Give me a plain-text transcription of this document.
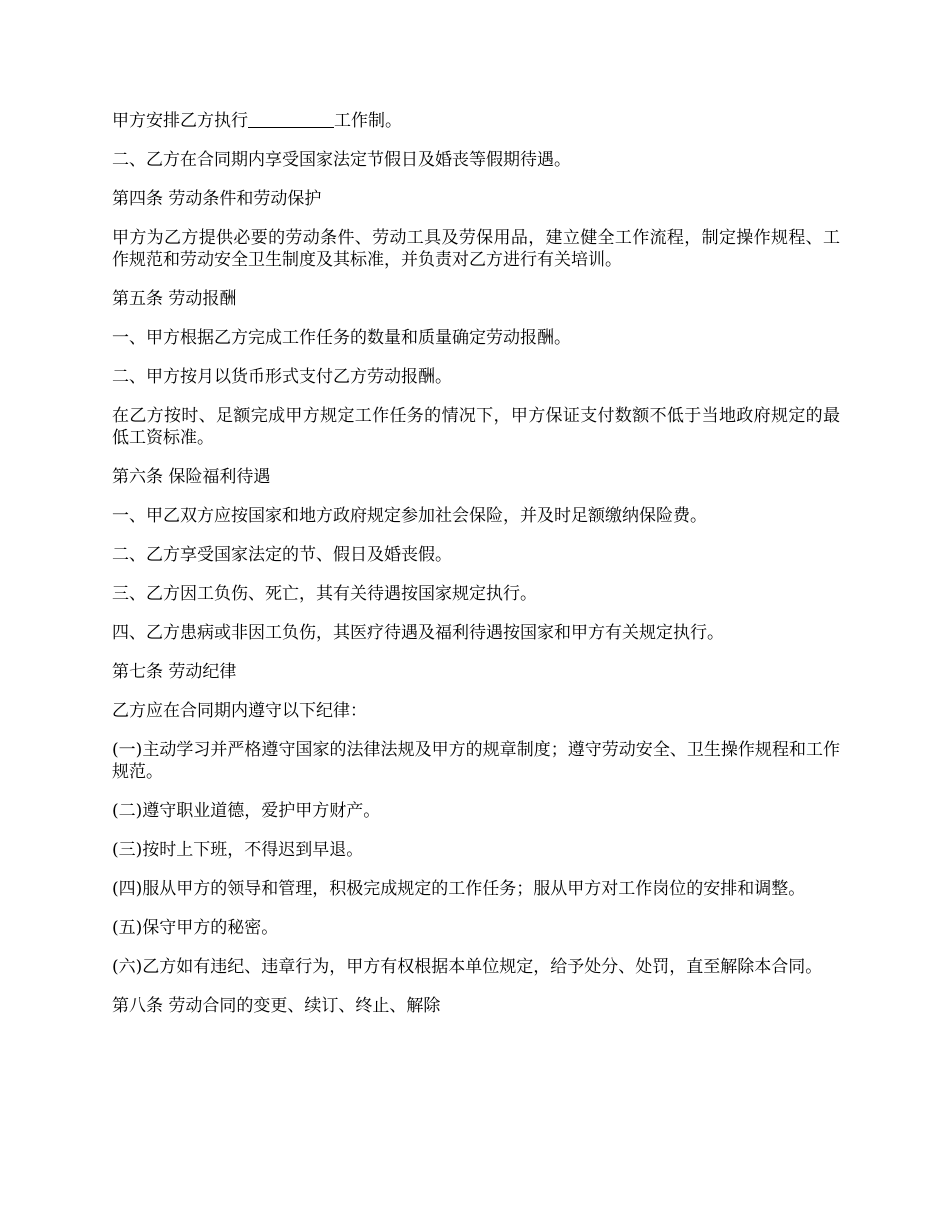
甲方安排乙方执行	工作制。

二、乙方在合同期内享受国家法定节假日及婚丧等假期待遇。

第四条 劳动条件和劳动保护

甲方为乙方提供必要的劳动条件、劳动工具及劳保用品，建立健全工作流程，制定操作规程、工作规范和劳动安全卫生制度及其标准，并负责对乙方进行有关培训。

第五条 劳动报酬

一、甲方根据乙方完成工作任务的数量和质量确定劳动报酬。

二、甲方按月以货币形式支付乙方劳动报酬。

在乙方按时、足额完成甲方规定工作任务的情况下，甲方保证支付数额不低于当地政府规定的最低工资标准。

第六条 保险福利待遇

一、甲乙双方应按国家和地方政府规定参加社会保险，并及时足额缴纳保险费。

二、乙方享受国家法定的节、假日及婚丧假。

三、乙方因工负伤、死亡，其有关待遇按国家规定执行。

四、乙方患病或非因工负伤，其医疗待遇及福利待遇按国家和甲方有关规定执行。

第七条 劳动纪律

乙方应在合同期内遵守以下纪律：

(一)主动学习并严格遵守国家的法律法规及甲方的规章制度；遵守劳动安全、卫生操作规程和工作规范。

(二)遵守职业道德，爱护甲方财产。

(三)按时上下班，不得迟到早退。

(四)服从甲方的领导和管理，积极完成规定的工作任务；服从甲方对工作岗位的安排和调整。

(五)保守甲方的秘密。

(六)乙方如有违纪、违章行为，甲方有权根据本单位规定，给予处分、处罚，直至解除本合同。

第八条 劳动合同的变更、续订、终止、解除
